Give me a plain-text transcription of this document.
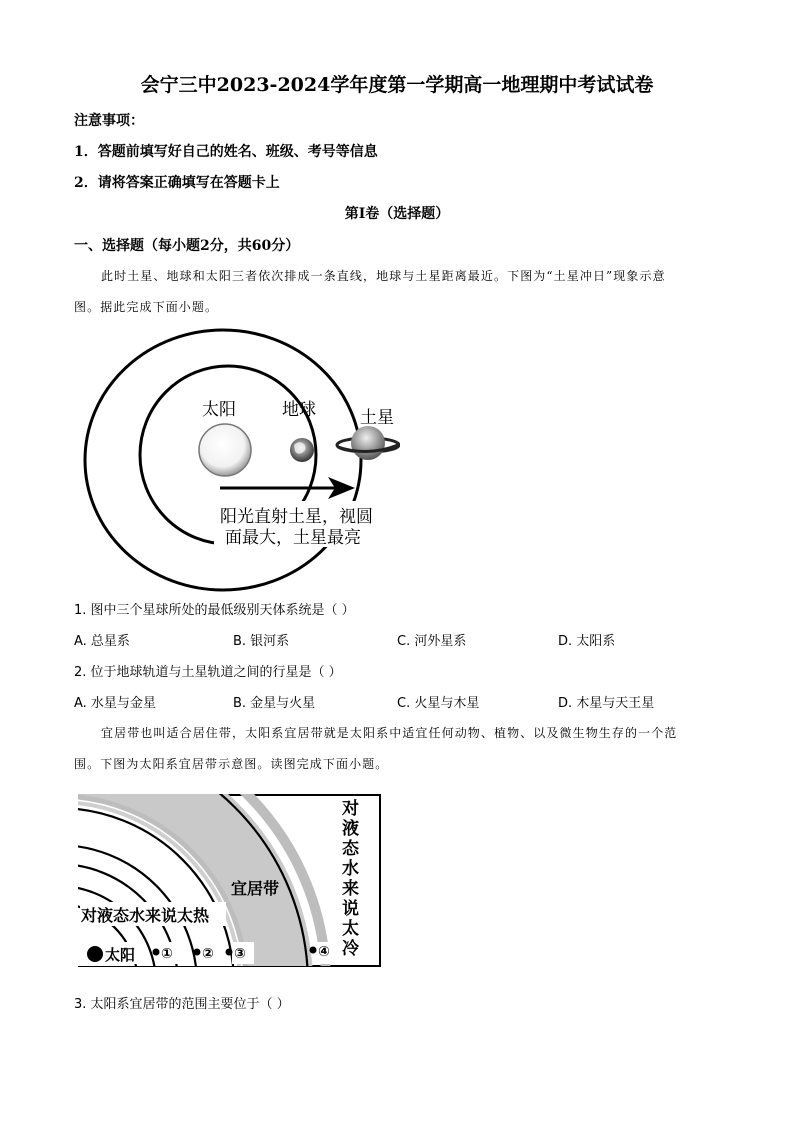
会宁三中2023-2024学年度第一学期高一地理期中考试试卷
注意事项：
1．答题前填写好自己的姓名、班级、考号等信息
2．请将答案正确填写在答题卡上
第I卷（选择题）
一、选择题（每小题2分，共60分）
此时土星、地球和太阳三者依次排成一条直线，地球与土星距离最近。下图为“土星冲日”现象示意
图。据此完成下面小题。
太阳	地球	土星
阳光直射土星，视圆
面最大，土星最亮
1. 图中三个星球所处的最低级别天体系统是（ ）
A. 总星系	B. 银河系	C. 河外星系	D. 太阳系
2. 位于地球轨道与土星轨道之间的行星是（ ）
A. 水星与金星	B. 金星与火星	C. 火星与木星	D. 木星与天王星
宜居带也叫适合居住带，太阳系宜居带就是太阳系中适宜任何动物、植物、以及微生物生存的一个范
围。下图为太阳系宜居带示意图。读图完成下面小题。
对液态水来说太热
宜居带
对
液
态
水
来
说
太
冷
太阳 ① ② ③	④
3. 太阳系宜居带的范围主要位于（ ）
